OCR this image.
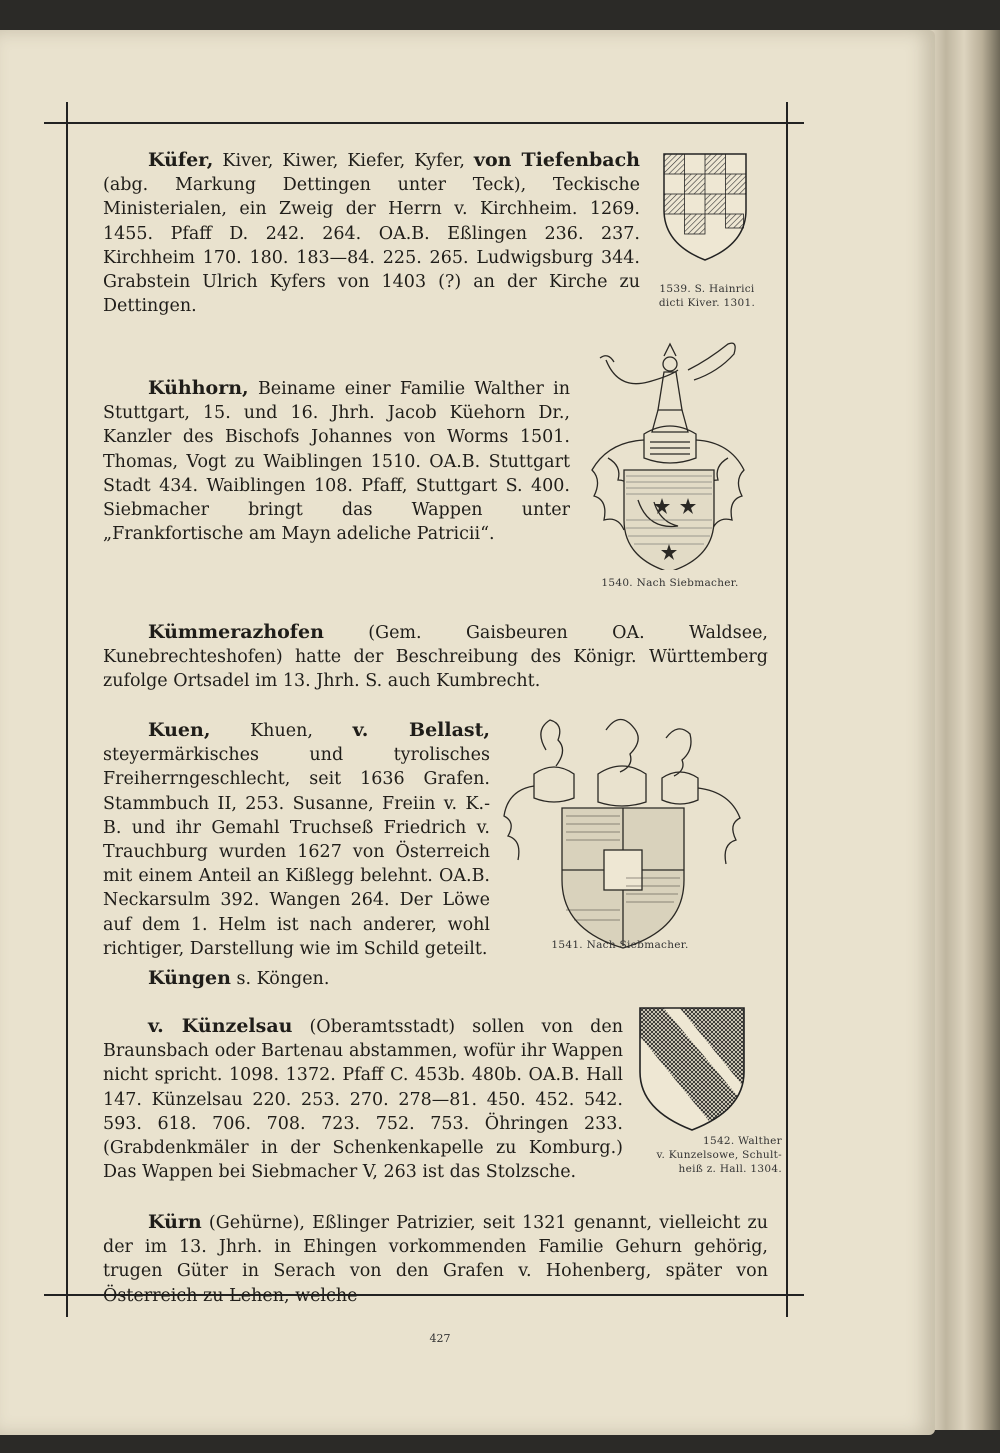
Küfer, Kiver, Kiwer, Kiefer, Kyfer, von Tiefenbach (abg. Markung Dettingen unter Teck), Teckische Ministerialen, ein Zweig der Herrn v. Kirchheim. 1269. 1455. Pfaff D. 242. 264. OA.B. Eßlingen 236. 237. Kirchheim 170. 180. 183—84. 225. 265. Ludwigsburg 344. Grabstein Ulrich Kyfers von 1403 (?) an der Kirche zu Dettingen.

1539. S. Hainrici
dicti Kiver. 1301.

Kühhorn, Beiname einer Familie Walther in Stuttgart, 15. und 16. Jhrh. Jacob Küehorn Dr., Kanzler des Bischofs Johannes von Worms 1501. Thomas, Vogt zu Waiblingen 1510. OA.B. Stuttgart Stadt 434. Waiblingen 108. Pfaff, Stuttgart S. 400. Siebmacher bringt das Wappen unter „Frankfortische am Mayn adeliche Patricii“.

1540. Nach Siebmacher.

Kümmerazhofen (Gem. Gaisbeuren OA. Waldsee, Kunebrechteshofen) hatte der Beschreibung des Königr. Württemberg zufolge Ortsadel im 13. Jhrh. S. auch Kumbrecht.

Kuen, Khuen, v. Bellast, steyermärkisches und tyrolisches Freiherrngeschlecht, seit 1636 Grafen. Stammbuch II, 253. Susanne, Freiin v. K.-B. und ihr Gemahl Truchseß Friedrich v. Trauchburg wurden 1627 von Österreich mit einem Anteil an Kißlegg belehnt. OA.B. Neckarsulm 392. Wangen 264. Der Löwe auf dem 1. Helm ist nach anderer, wohl richtiger, Darstellung wie im Schild geteilt.	1541. Nach Siebmacher.

Küngen s. Köngen.

v. Künzelsau (Oberamtsstadt) sollen von den Braunsbach oder Bartenau abstammen, wofür ihr Wappen nicht spricht. 1098. 1372. Pfaff C. 453b. 480b. OA.B. Hall 147. Künzelsau 220. 253. 270. 278—81. 450. 452. 542. 593. 618. 706. 708. 723. 752. 753. Öhringen 233. (Grabdenkmäler in der Schenkenkapelle zu Komburg.) Das Wappen bei Siebmacher V, 263 ist das Stolzsche.

1542. Walther
v. Kunzelsowe, Schult-
heiß z. Hall. 1304.

Kürn (Gehürne), Eßlinger Patrizier, seit 1321 genannt, vielleicht zu der im 13. Jhrh. in Ehingen vorkommenden Familie Gehurn gehörig, trugen Güter in Serach von den Grafen v. Hohenberg, später von Österreich zu Lehen, welche

427
